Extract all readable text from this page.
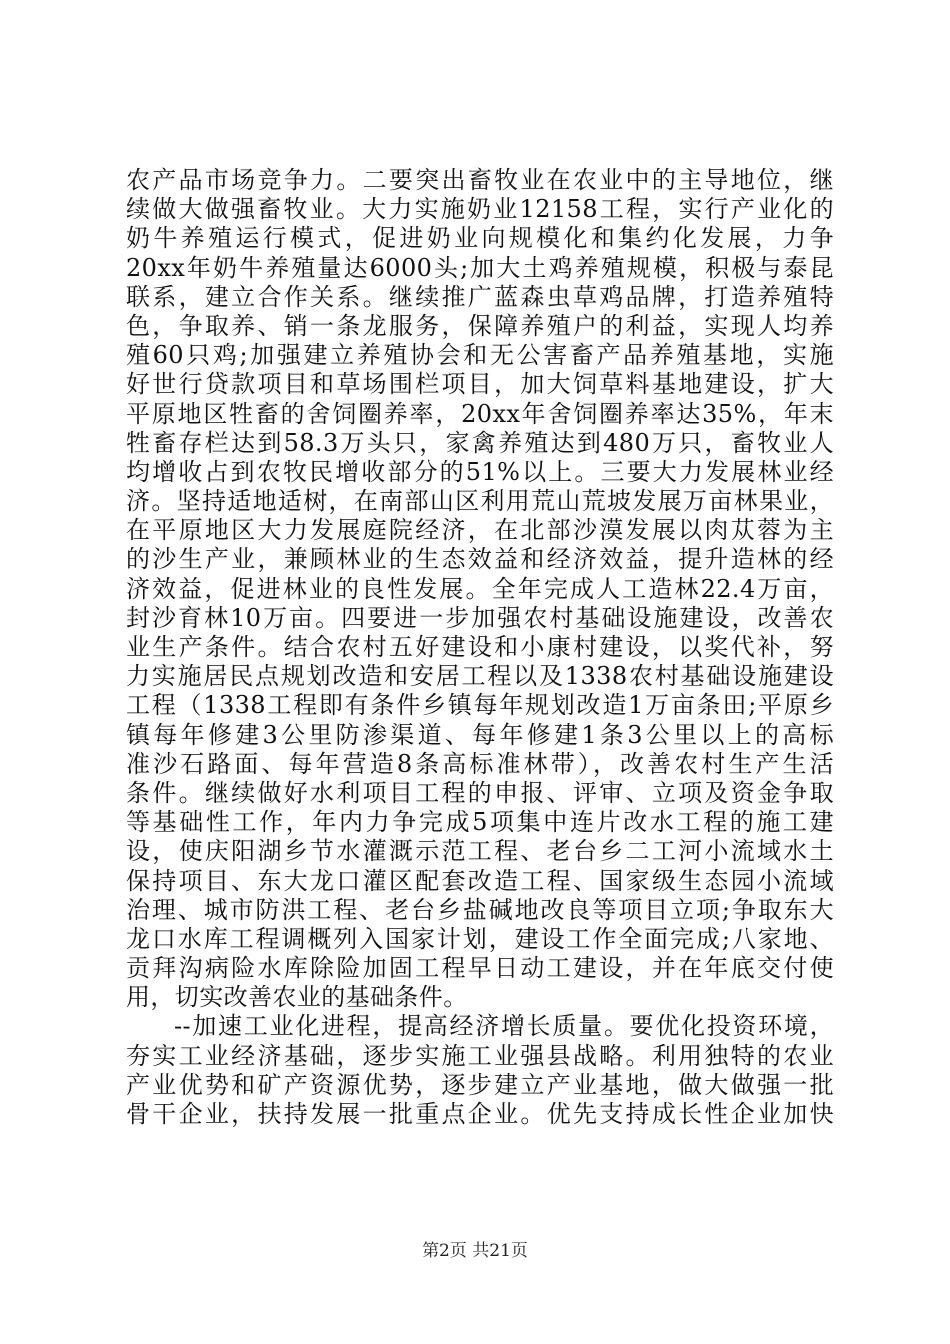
农产品市场竞争力。二要突出畜牧业在农业中的主导地位，继
续做大做强畜牧业。大力实施奶业12158工程，实行产业化的
奶牛养殖运行模式，促进奶业向规模化和集约化发展，力争
20xx年奶牛养殖量达6000头;加大土鸡养殖规模，积极与泰昆
联系，建立合作关系。继续推广蓝森虫草鸡品牌，打造养殖特
色，争取养、销一条龙服务，保障养殖户的利益，实现人均养
殖60只鸡;加强建立养殖协会和无公害畜产品养殖基地，实施
好世行贷款项目和草场围栏项目，加大饲草料基地建设，扩大
平原地区牲畜的舍饲圈养率，20xx年舍饲圈养率达35%，年末
牲畜存栏达到58.3万头只，家禽养殖达到480万只，畜牧业人
均增收占到农牧民增收部分的51%以上。三要大力发展林业经
济。坚持适地适树，在南部山区利用荒山荒坡发展万亩林果业，
在平原地区大力发展庭院经济，在北部沙漠发展以肉苁蓉为主
的沙生产业，兼顾林业的生态效益和经济效益，提升造林的经
济效益，促进林业的良性发展。全年完成人工造林22.4万亩，
封沙育林10万亩。四要进一步加强农村基础设施建设，改善农
业生产条件。结合农村五好建设和小康村建设，以奖代补，努
力实施居民点规划改造和安居工程以及1338农村基础设施建设
工程（1338工程即有条件乡镇每年规划改造1万亩条田;平原乡
镇每年修建3公里防渗渠道、每年修建1条3公里以上的高标
准沙石路面、每年营造8条高标准林带），改善农村生产生活
条件。继续做好水利项目工程的申报、评审、立项及资金争取
等基础性工作，年内力争完成5项集中连片改水工程的施工建
设，使庆阳湖乡节水灌溉示范工程、老台乡二工河小流域水土
保持项目、东大龙口灌区配套改造工程、国家级生态园小流域
治理、城市防洪工程、老台乡盐碱地改良等项目立项;争取东大
龙口水库工程调概列入国家计划，建设工作全面完成;八家地、
贡拜沟病险水库除险加固工程早日动工建设，并在年底交付使
用，切实改善农业的基础条件。
--加速工业化进程，提高经济增长质量。要优化投资环境，
夯实工业经济基础，逐步实施工业强县战略。利用独特的农业
产业优势和矿产资源优势，逐步建立产业基地，做大做强一批
骨干企业，扶持发展一批重点企业。优先支持成长性企业加快
第2页 共21页
